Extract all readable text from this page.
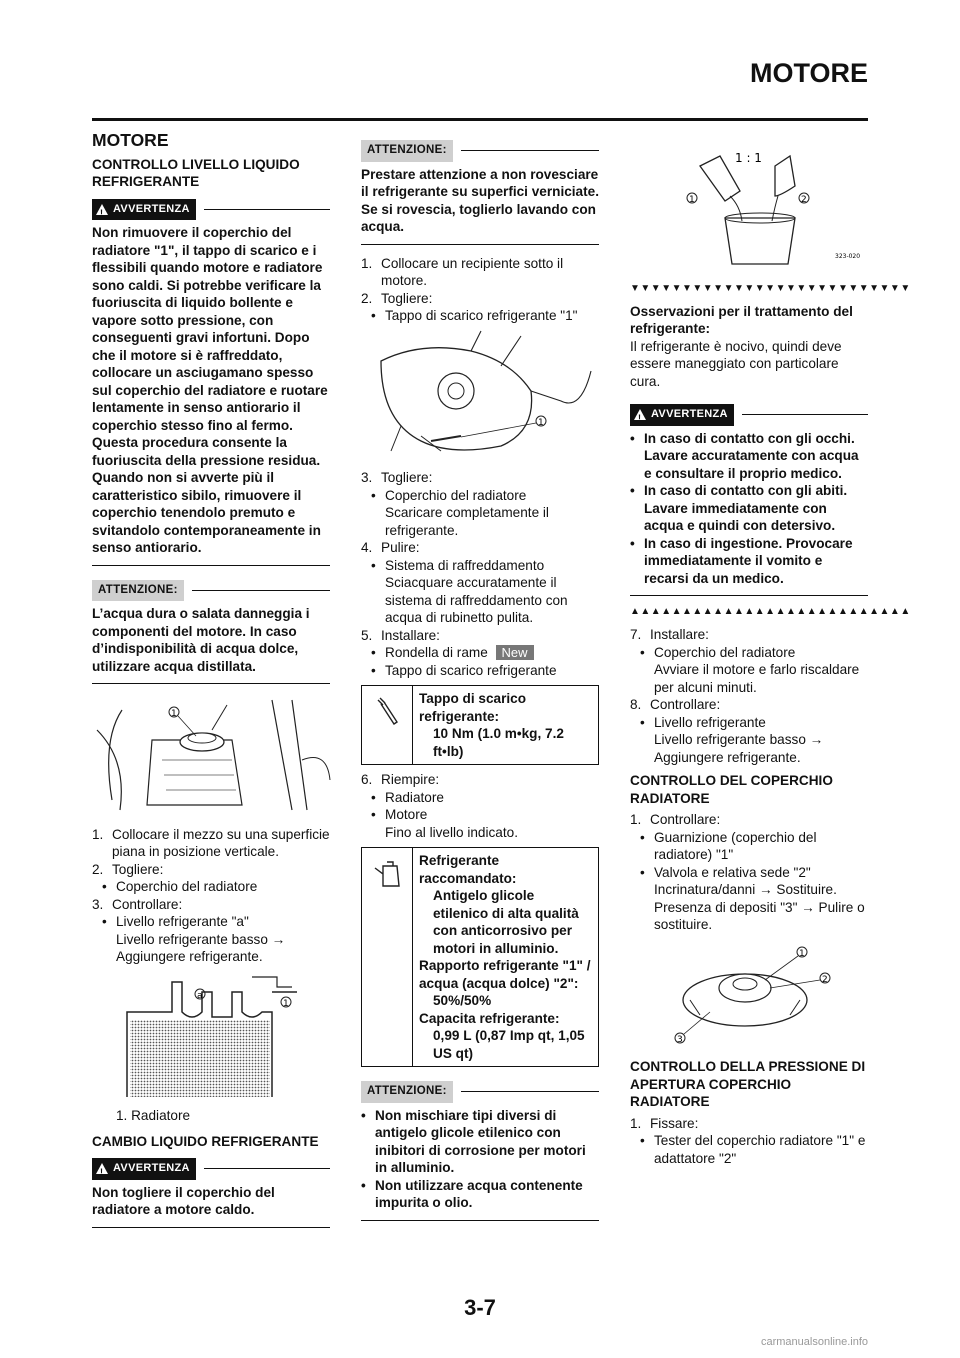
MOTORE
MOTORE
CONTROLLO LIVELLO LIQUIDO REFRIGERANTE
!
AVVERTENZA
Non rimuovere il coperchio del radiatore "1", il tappo di scarico e i flessibili quando motore e radiatore sono caldi. Si potrebbe verificare la fuoriuscita di liquido bollente e vapore sotto pressione, con conseguenti gravi infortuni. Dopo che il motore si è raffreddato, collocare un asciugamano spesso sul coperchio del radiatore e ruotare lentamente in senso antiorario il coperchio stesso fino al fermo. Questa procedura consente la fuoriuscita della pressione residua. Quando non si avverte più il caratteristico sibilo, rimuovere il coperchio tenendolo premuto e svitandolo contemporaneamente in senso antiorario.
ATTENZIONE:
L’acqua dura o salata danneggia i componenti del motore. In caso d’indisponibilità di acqua dolce, utilizzare acqua distillata.
1
1. Collocare il mezzo su una superficie piana in posizione verticale.
2. Togliere:
• Coperchio del radiatore
3. Controllare:
• Livello refrigerante "a"
Livello refrigerante basso → Aggiungere refrigerante.
a
1
1. Radiatore
CAMBIO LIQUIDO REFRIGERANTE
!
AVVERTENZA
Non togliere il coperchio del radiatore a motore caldo.
ATTENZIONE:
Prestare attenzione a non rovesciare il refrigerante su superfici verniciate. Se si rovescia, toglierlo lavando con acqua.
1. Collocare un recipiente sotto il motore.
2. Togliere:
• Tappo di scarico refrigerante "1"
1
3. Togliere:
• Coperchio del radiatore
Scaricare completamente il refrigerante.
4. Pulire:
• Sistema di raffreddamento
Sciacquare accuratamente il sistema di raffreddamento con acqua di rubinetto pulita.
5. Installare:
• Rondella di rame New
• Tappo di scarico refrigerante
Tappo di scarico refrigerante:
10 Nm (1.0 m•kg, 7.2 ft•lb)
6. Riempire:
• Radiatore
• Motore
Fino al livello indicato.
Refrigerante raccomandato:
Antigelo glicole etilenico di alta qualità con anticorrosivo per motori in alluminio.
Rapporto refrigerante "1" / acqua (acqua dolce) "2":
50%/50%
Capacita refrigerante:
0,99 L (0,87 Imp qt, 1,05 US qt)
ATTENZIONE:
• Non mischiare tipi diversi di antigelo glicole etilenico con inibitori di corrosione per motori in alluminio.
• Non utilizzare acqua contenente impurita o olio.
1 : 1
1	2
323-020
▼▼▼▼▼▼▼▼▼▼▼▼▼▼▼▼▼▼▼▼▼▼▼▼▼▼▼
Osservazioni per il trattamento del refrigerante:
Il refrigerante è nocivo, quindi deve essere maneggiato con particolare cura.
!
AVVERTENZA
• In caso di contatto con gli occhi. Lavare accuratamente con acqua e consultare il proprio medico.
• In caso di contatto con gli abiti. Lavare immediatamente con acqua e quindi con detersivo.
• In caso di ingestione. Provocare immediatamente il vomito e recarsi da un medico.
▲▲▲▲▲▲▲▲▲▲▲▲▲▲▲▲▲▲▲▲▲▲▲▲▲▲▲
7. Installare:
• Coperchio del radiatore
Avviare il motore e farlo riscaldare per alcuni minuti.
8. Controllare:
• Livello refrigerante
Livello refrigerante basso → Aggiungere refrigerante.
CONTROLLO DEL COPERCHIO RADIATORE
1. Controllare:
• Guarnizione (coperchio del radiatore) "1"
• Valvola e relativa sede "2"
Incrinatura/danni → Sostituire.
Presenza di depositi "3" → Pulire o sostituire.
1
2
3
CONTROLLO DELLA PRESSIONE DI APERTURA COPERCHIO RADIATORE
1. Fissare:
• Tester del coperchio radiatore "1" e adattatore "2"
3-7
carmanualsonline.info
